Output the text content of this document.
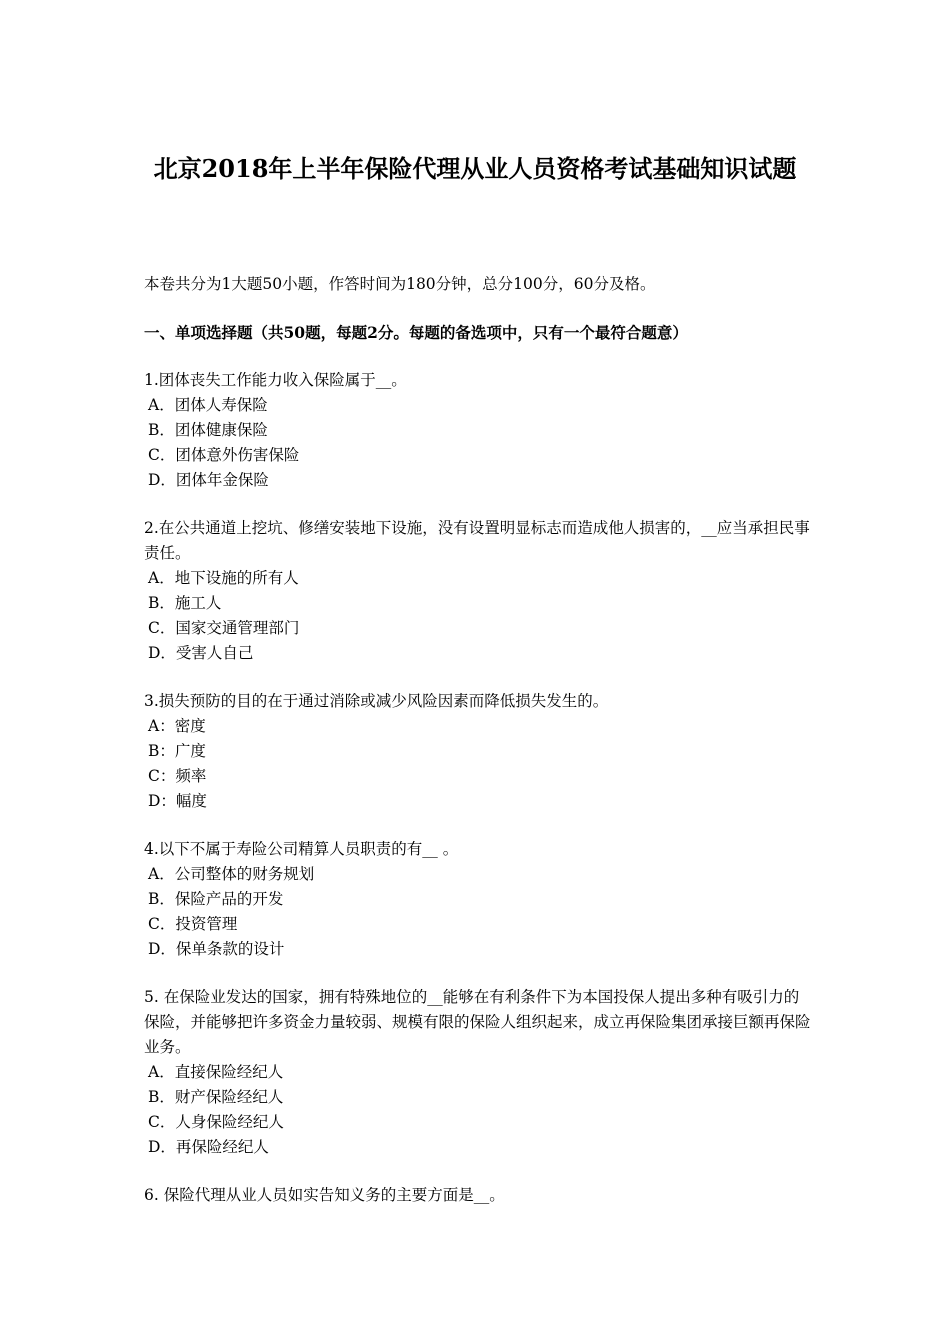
北京2018年上半年保险代理从业人员资格考试基础知识试题

本卷共分为1大题50小题，作答时间为180分钟，总分100分，60分及格。

一、单项选择题（共50题，每题2分。每题的备选项中，只有一个最符合题意）

1.团体丧失工作能力收入保险属于__。

A．团体人寿保险

B．团体健康保险

C．团体意外伤害保险

D．团体年金保险

2.在公共通道上挖坑、修缮安装地下设施，没有设置明显标志而造成他人损害的，__应当承担民事责任。

A．地下设施的所有人

B．施工人

C．国家交通管理部门

D．受害人自己

3.损失预防的目的在于通过消除或减少风险因素而降低损失发生的。

A：密度

B：广度

C：频率

D：幅度

4.以下不属于寿险公司精算人员职责的有__ 。

A．公司整体的财务规划

B．保险产品的开发

C．投资管理

D．保单条款的设计

5. 在保险业发达的国家，拥有特殊地位的__能够在有利条件下为本国投保人提出多种有吸引力的保险，并能够把许多资金力量较弱、规模有限的保险人组织起来，成立再保险集团承接巨额再保险业务。

A．直接保险经纪人

B．财产保险经纪人

C．人身保险经纪人

D．再保险经纪人

6. 保险代理从业人员如实告知义务的主要方面是__。
